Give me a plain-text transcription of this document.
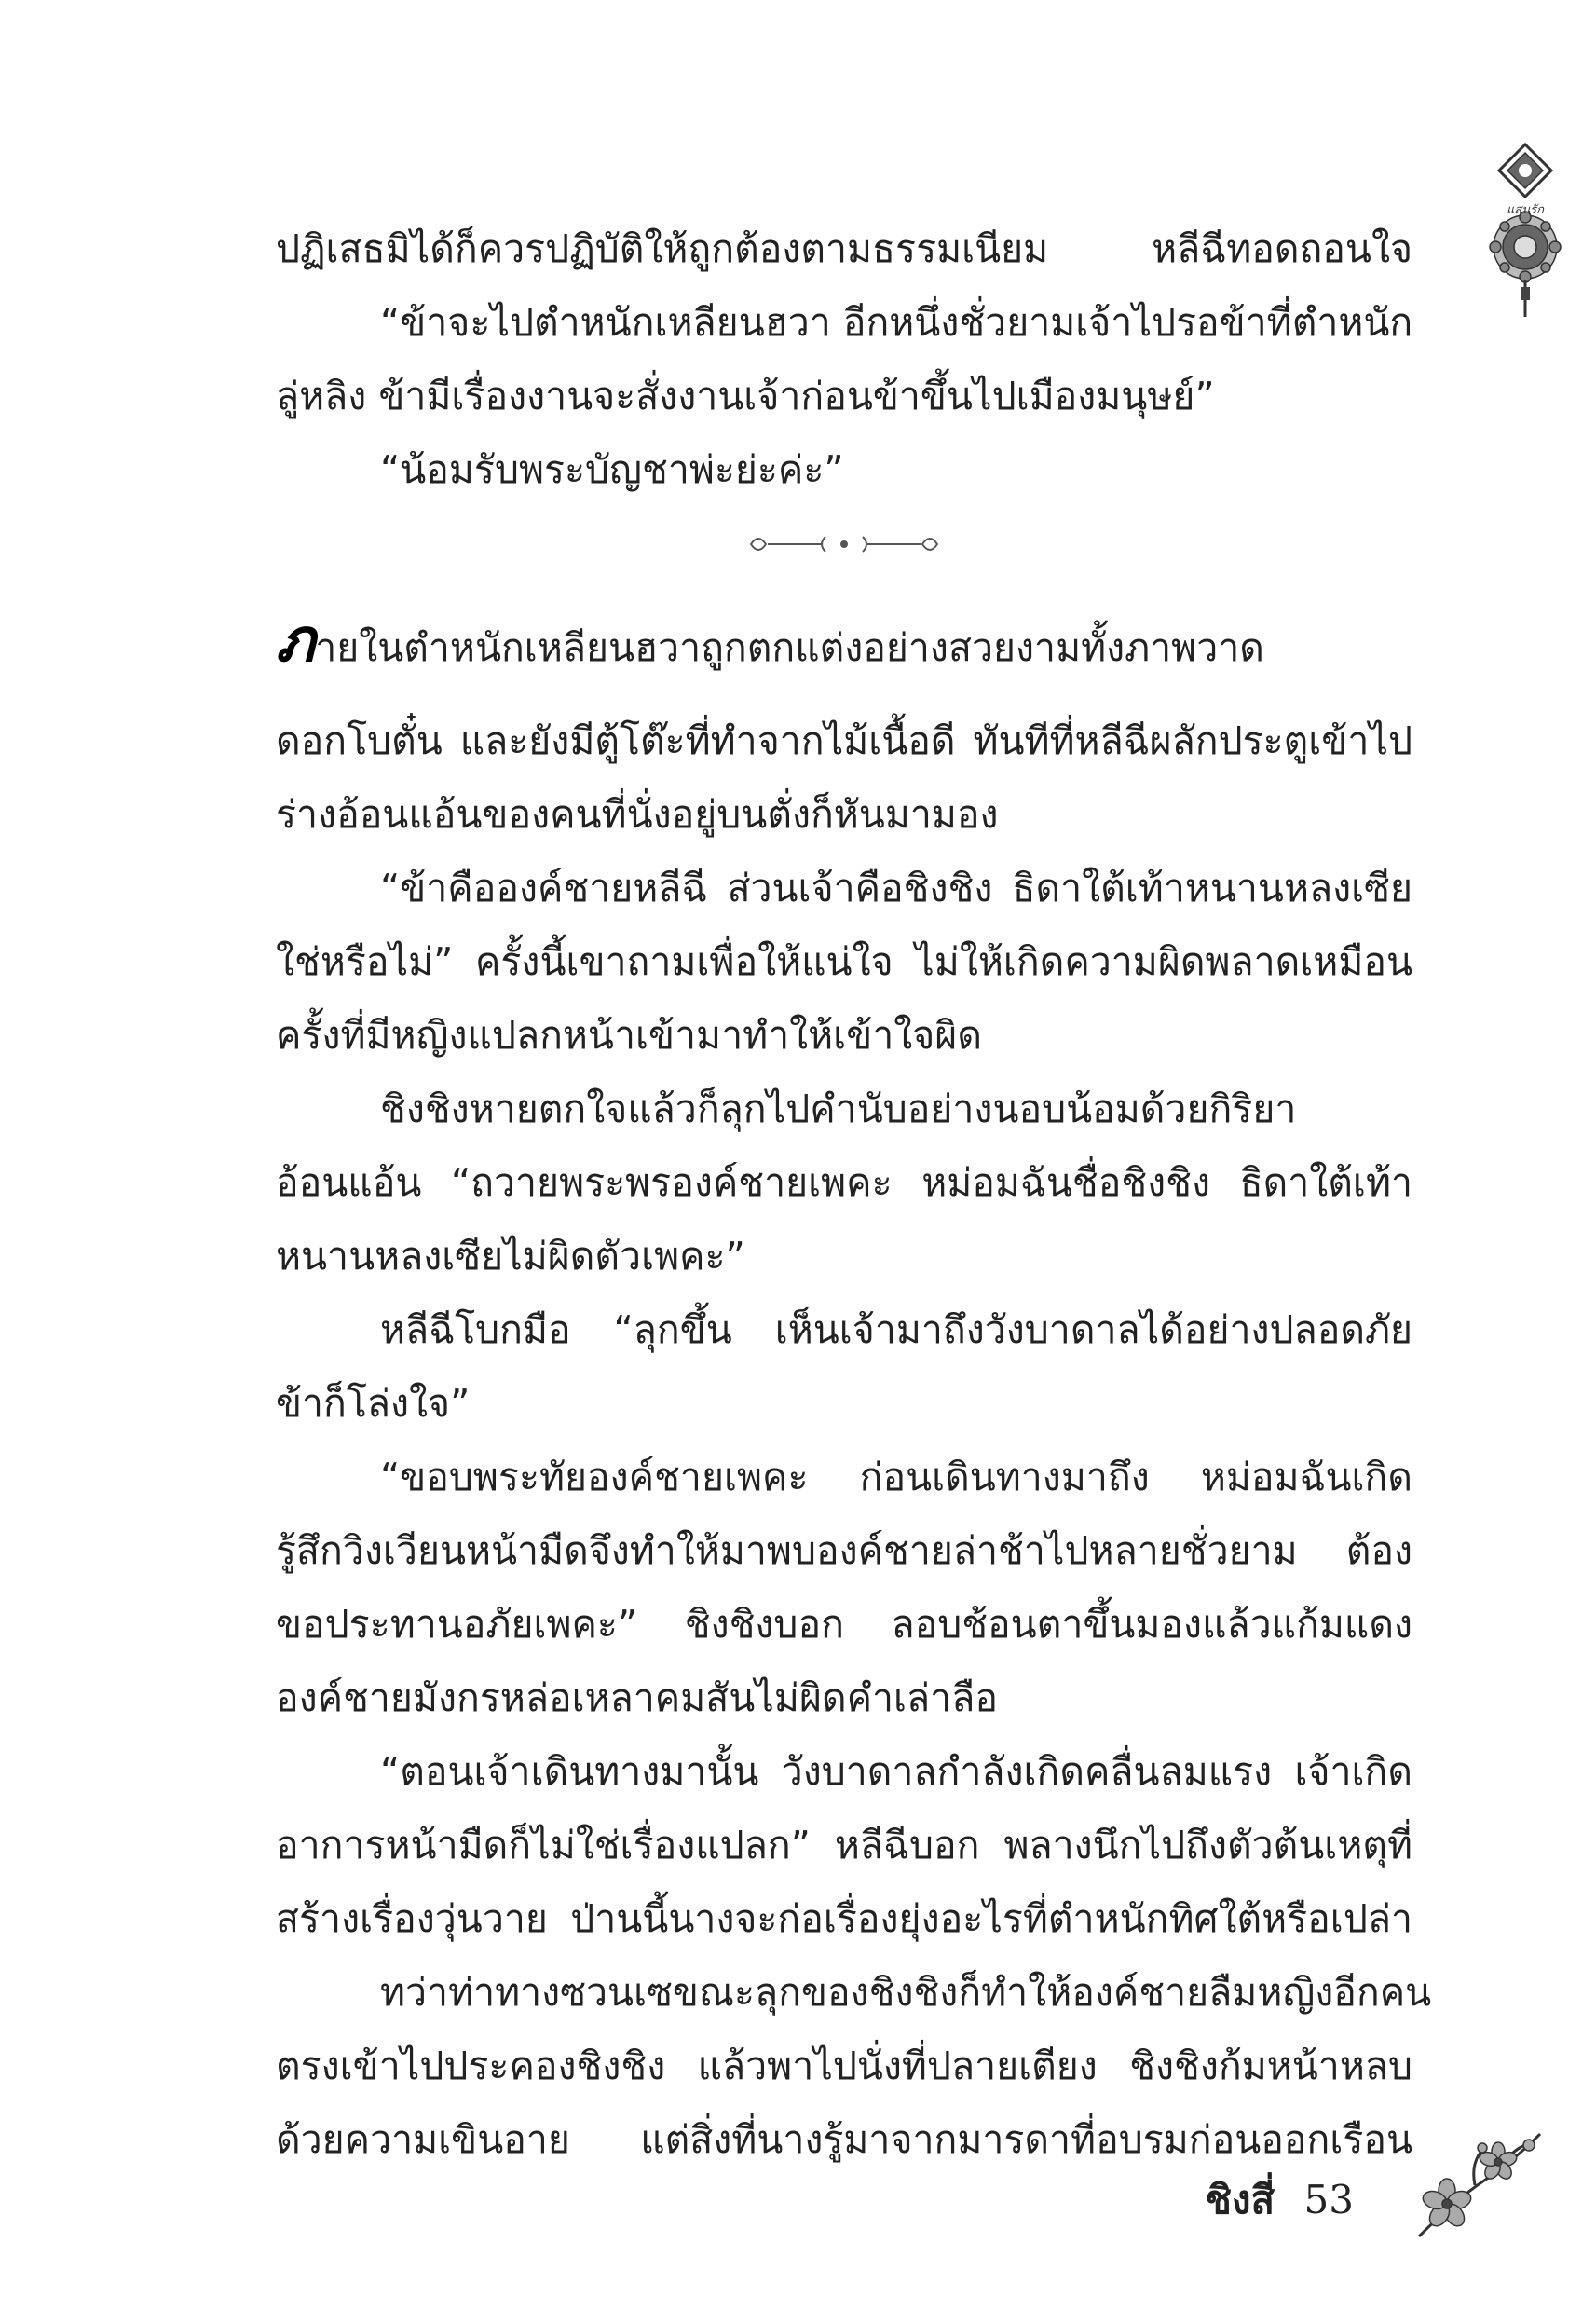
แสนรัก
ปฏิเสธมิได้ก็ควรปฏิบัติให้ถูกต้องตามธรรมเนียม หลีฉีทอดถอนใจ
“ข้าจะไปตำหนักเหลียนฮวา อีกหนึ่งชั่วยามเจ้าไปรอข้าที่ตำหนัก
ลู่หลิง ข้ามีเรื่องงานจะสั่งงานเจ้าก่อนข้าขึ้นไปเมืองมนุษย์”
“น้อมรับพระบัญชาพ่ะย่ะค่ะ”
ภายในตำหนักเหลียนฮวาถูกตกแต่งอย่างสวยงามทั้งภาพวาด
ดอกโบตั๋น และยังมีตู้โต๊ะที่ทำจากไม้เนื้อดี ทันทีที่หลีฉีผลักประตูเข้าไป
ร่างอ้อนแอ้นของคนที่นั่งอยู่บนตั่งก็หันมามอง
“ข้าคือองค์ชายหลีฉี ส่วนเจ้าคือชิงชิง ธิดาใต้เท้าหนานหลงเซีย
ใช่หรือไม่” ครั้งนี้เขาถามเพื่อให้แน่ใจ ไม่ให้เกิดความผิดพลาดเหมือน
ครั้งที่มีหญิงแปลกหน้าเข้ามาทำให้เข้าใจผิด
ชิงชิงหายตกใจแล้วก็ลุกไปคำนับอย่างนอบน้อมด้วยกิริยา
อ้อนแอ้น “ถวายพระพรองค์ชายเพคะ หม่อมฉันชื่อชิงชิง ธิดาใต้เท้า
หนานหลงเซียไม่ผิดตัวเพคะ”
หลีฉีโบกมือ “ลุกขึ้น เห็นเจ้ามาถึงวังบาดาลได้อย่างปลอดภัย
ข้าก็โล่งใจ”
“ขอบพระทัยองค์ชายเพคะ ก่อนเดินทางมาถึง หม่อมฉันเกิด
รู้สึกวิงเวียนหน้ามืดจึงทำให้มาพบองค์ชายล่าช้าไปหลายชั่วยาม ต้อง
ขอประทานอภัยเพคะ” ชิงชิงบอก ลอบช้อนตาขึ้นมองแล้วแก้มแดง
องค์ชายมังกรหล่อเหลาคมสันไม่ผิดคำเล่าลือ
“ตอนเจ้าเดินทางมานั้น วังบาดาลกำลังเกิดคลื่นลมแรง เจ้าเกิด
อาการหน้ามืดก็ไม่ใช่เรื่องแปลก” หลีฉีบอก พลางนึกไปถึงตัวต้นเหตุที่
สร้างเรื่องวุ่นวาย ป่านนี้นางจะก่อเรื่องยุ่งอะไรที่ตำหนักทิศใต้หรือเปล่า
ทว่าท่าทางซวนเซขณะลุกของชิงชิงก็ทำให้องค์ชายลืมหญิงอีกคน
ตรงเข้าไปประคองชิงชิง แล้วพาไปนั่งที่ปลายเตียง ชิงชิงก้มหน้าหลบ
ด้วยความเขินอาย แต่สิ่งที่นางรู้มาจากมารดาที่อบรมก่อนออกเรือน
ชิงสี่ 53
